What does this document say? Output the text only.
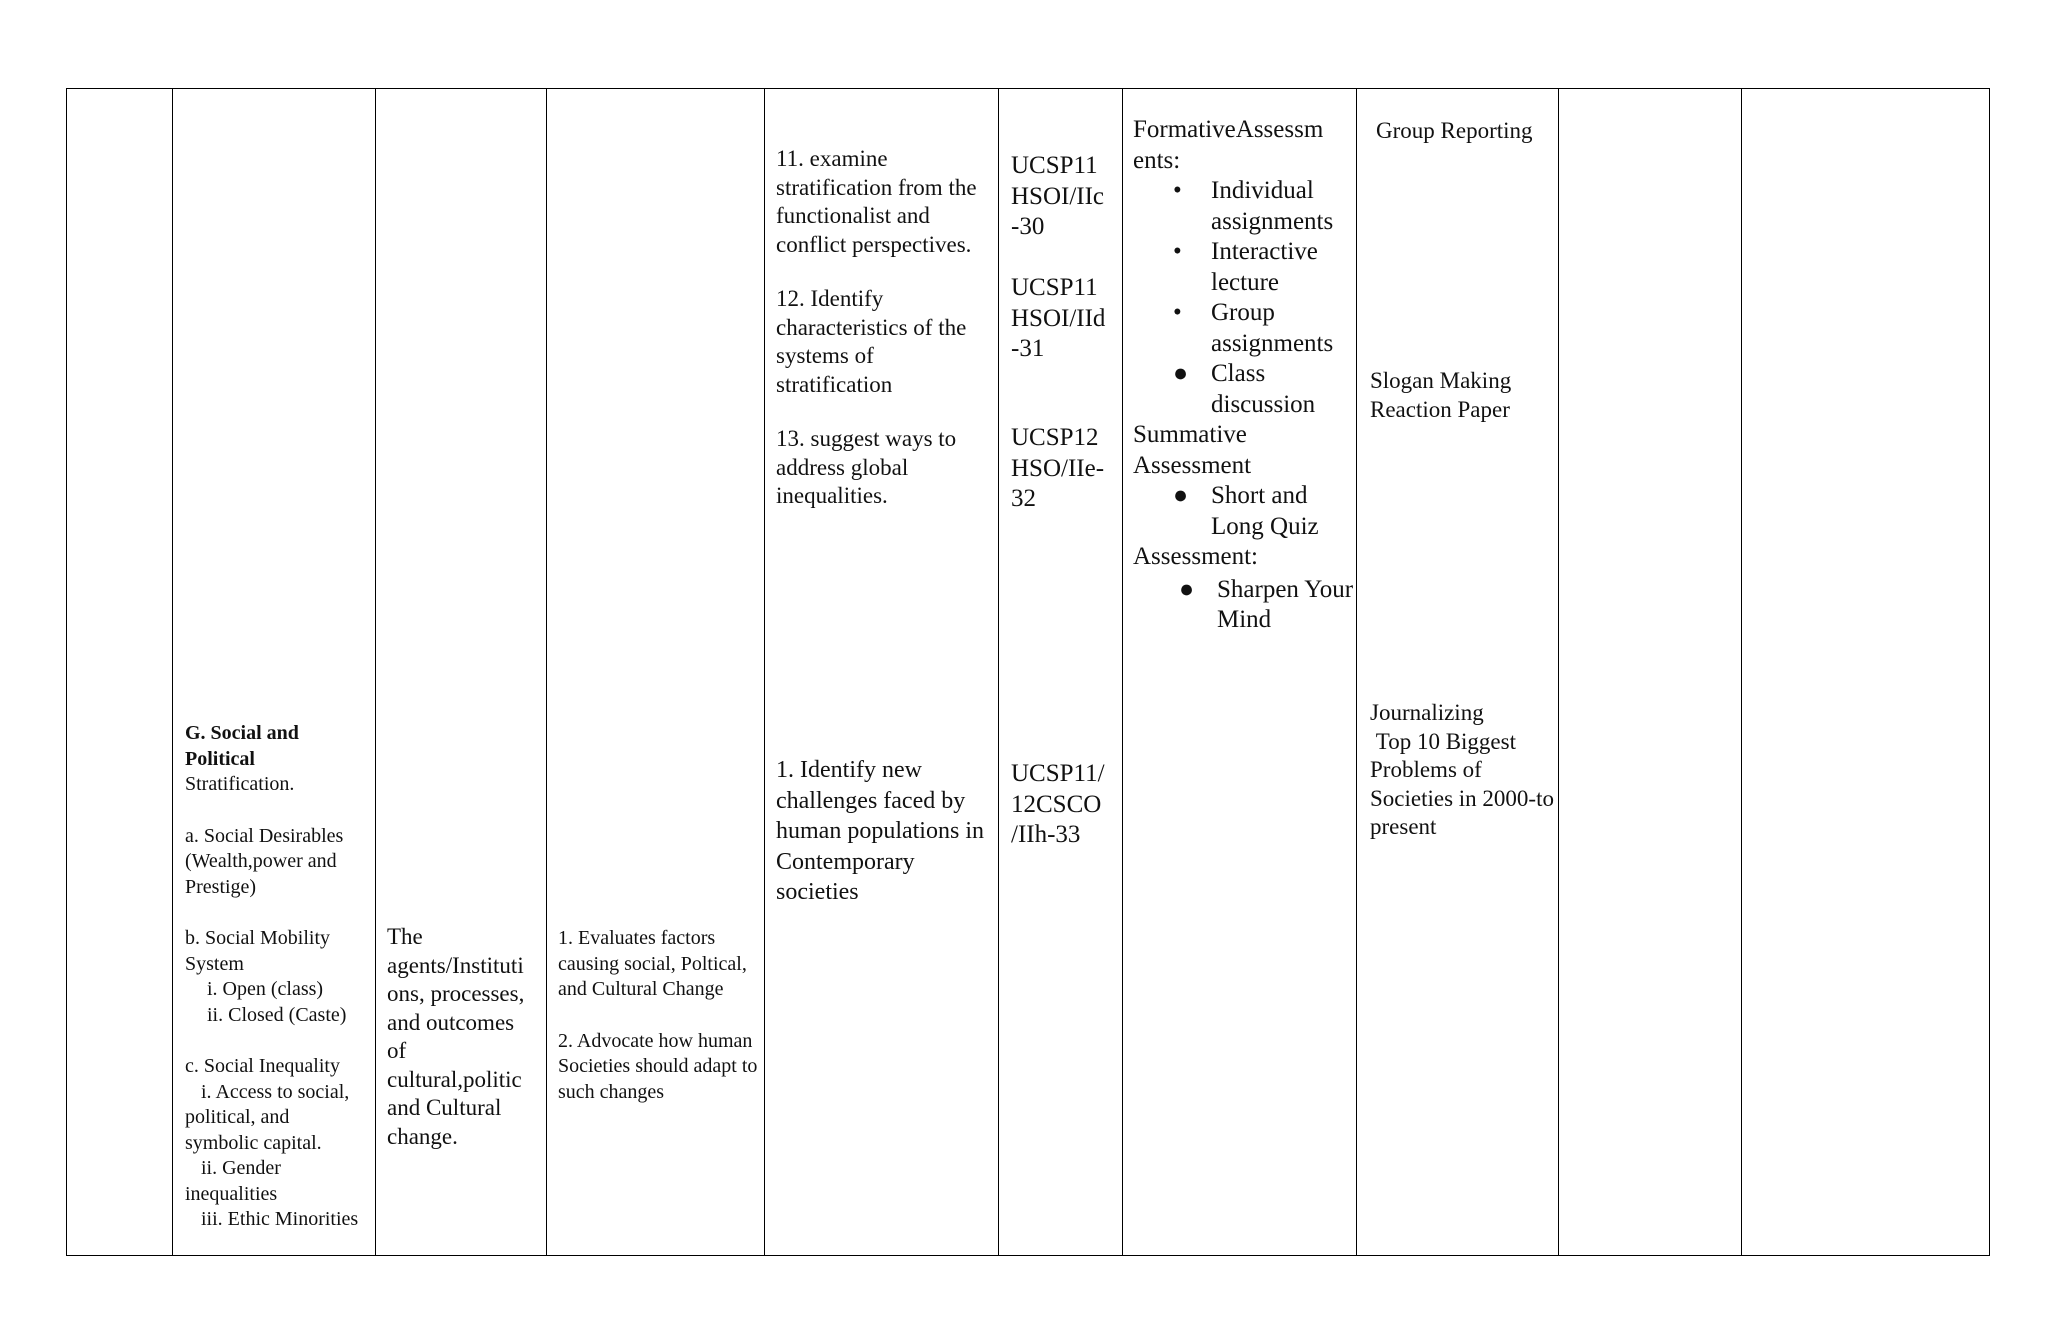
G. Social and Political
Stratification.
a. Social Desirables (Wealth,power and Prestige)
b. Social Mobility System
i. Open (class)
ii. Closed (Caste)
c. Social Inequality
i. Access to social, political, and symbolic capital.
ii. Gender inequalities
iii. Ethic Minorities
The agents/Instituti ons, processes, and outcomes of cultural,politic and Cultural change.
1. Evaluates factors causing social, Poltical, and Cultural Change
2. Advocate how human Societies should adapt to such changes
11. examine stratification from the functionalist and conflict perspectives.
12. Identify characteristics of the systems of stratification
13. suggest ways to address global inequalities.
1. Identify new challenges faced by human populations in Contemporary societies
UCSP11 HSOI/IIc -30
UCSP11 HSOI/IId -31
UCSP12 HSO/IIe-32
UCSP11/ 12CSCO /IIh-33
FormativeAssessm ents:
• Individual assignments
• Interactive lecture
• Group assignments
● Class discussion
Summative Assessment
● Short and Long Quiz
Assessment:
● Sharpen Your Mind
Group Reporting
Slogan Making
Reaction Paper
Journalizing
Top 10 Biggest Problems of Societies in 2000-to present
